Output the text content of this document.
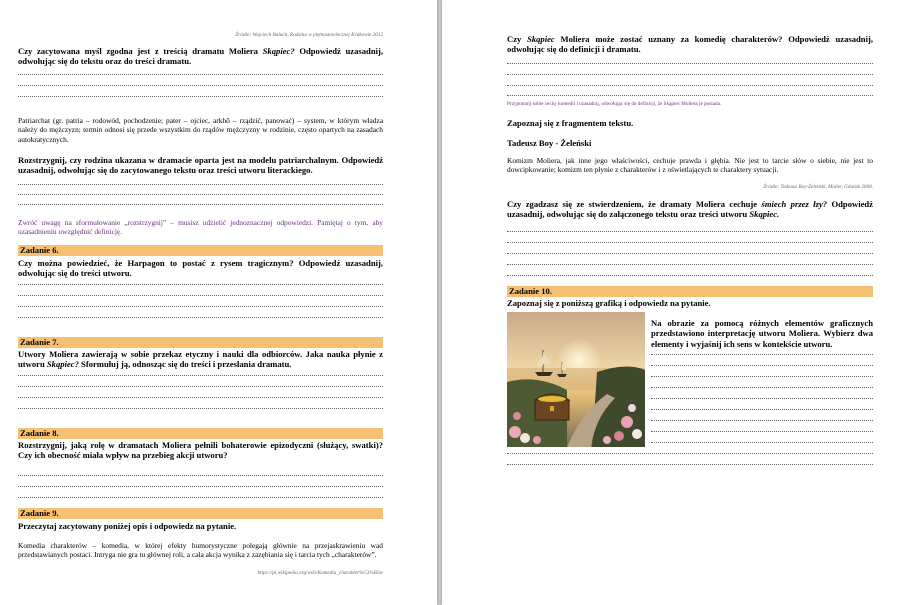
Źródło: Wojciech Baluch, Rodzina w piętnastowiecznej Krakowie 2012
Czy zacytowana myśl zgodna jest z treścią dramatu Moliera Skąpiec? Odpowiedź uzasadnij, odwołując się do tekstu oraz do treści dramatu.
Patriarchat (gr. patria – rodowód, pochodzenie; pater – ojciec, arkhō – rządzić, panować) – system, w którym władza należy do mężczyzn; termin odnosi się przede wszystkim do rządów mężczyzny w rodzinie, często opartych na zasadach autokratycznych.
Rozstrzygnij, czy rodzina ukazana w dramacie oparta jest na modelu patriarchalnym. Odpowiedź uzasadnij, odwołując się do zacytowanego tekstu oraz treści utworu literackiego.
Zwróć uwagę na sformułowanie „rozstrzygnij” – musisz udzielić jednoznacznej odpowiedzi. Pamiętaj o tym, aby uzasadnieniu uwzględnić definicję.
Zadanie 6.
Czy można powiedzieć, że Harpagon to postać z rysem tragicznym? Odpowiedź uzasadnij, odwołując się do treści utworu.
Zadanie 7.
Utwory Moliera zawierają w sobie przekaz etyczny i nauki dla odbiorców. Jaka nauka płynie z utworu Skąpiec? Sformułuj ją, odnosząc się do treści i przesłania dramatu.
Zadanie 8.
Rozstrzygnij, jaką rolę w dramatach Moliera pełnili bohaterowie epizodyczni (służący, swatki)? Czy ich obecność miała wpływ na przebieg akcji utworu?
Zadanie 9.
Przeczytaj zacytowany poniżej opis i odpowiedz na pytanie.
Komedia charakterów – komedia, w której efekty humorystyczne polegają głównie na przejaskrawieniu wad przedstawianych postaci. Intryga nie gra tu głównej roli, a cała akcja wynika z zazębiania się i tarcia tych „charakterów”.
https://pl.wikipedia.org/wiki/Komedia_charakter%C3%B3w
Czy Skąpiec Moliera może zostać uznany za komedię charakterów? Odpowiedź uzasadnij, odwołując się do definicji i dramatu.
Przypomnij sobie cechy komedii i uzasadnij, odwołując się do definicji, że Skąpiec Moliera je posiada.
Zapoznaj się z fragmentem tekstu.
Tadeusz Boy - Żeleński
Komizm Moliera, jak inne jego właściwości, cechuje prawda i głębia. Nie jest to tarcie słów o siebie, nie jest to dowcipkowanie; komizm ten płynie z charakterów i z oświetlających te charaktery sytuacji.
Źródło: Tadeusz Boy-Żeleński, Molier, Gdańsk 2008.
Czy zgadzasz się ze stwierdzeniem, że dramaty Moliera cechuje śmiech przez łzy? Odpowiedź uzasadnij, odwołując się do załączonego tekstu oraz treści utworu Skąpiec.
Zadanie 10.
Zapoznaj się z poniższą grafiką i odpowiedz na pytanie.
Na obrazie za pomocą różnych elementów graficznych przedstawiono interpretację utworu Moliera. Wybierz dwa elementy i wyjaśnij ich sens w kontekście utworu.
